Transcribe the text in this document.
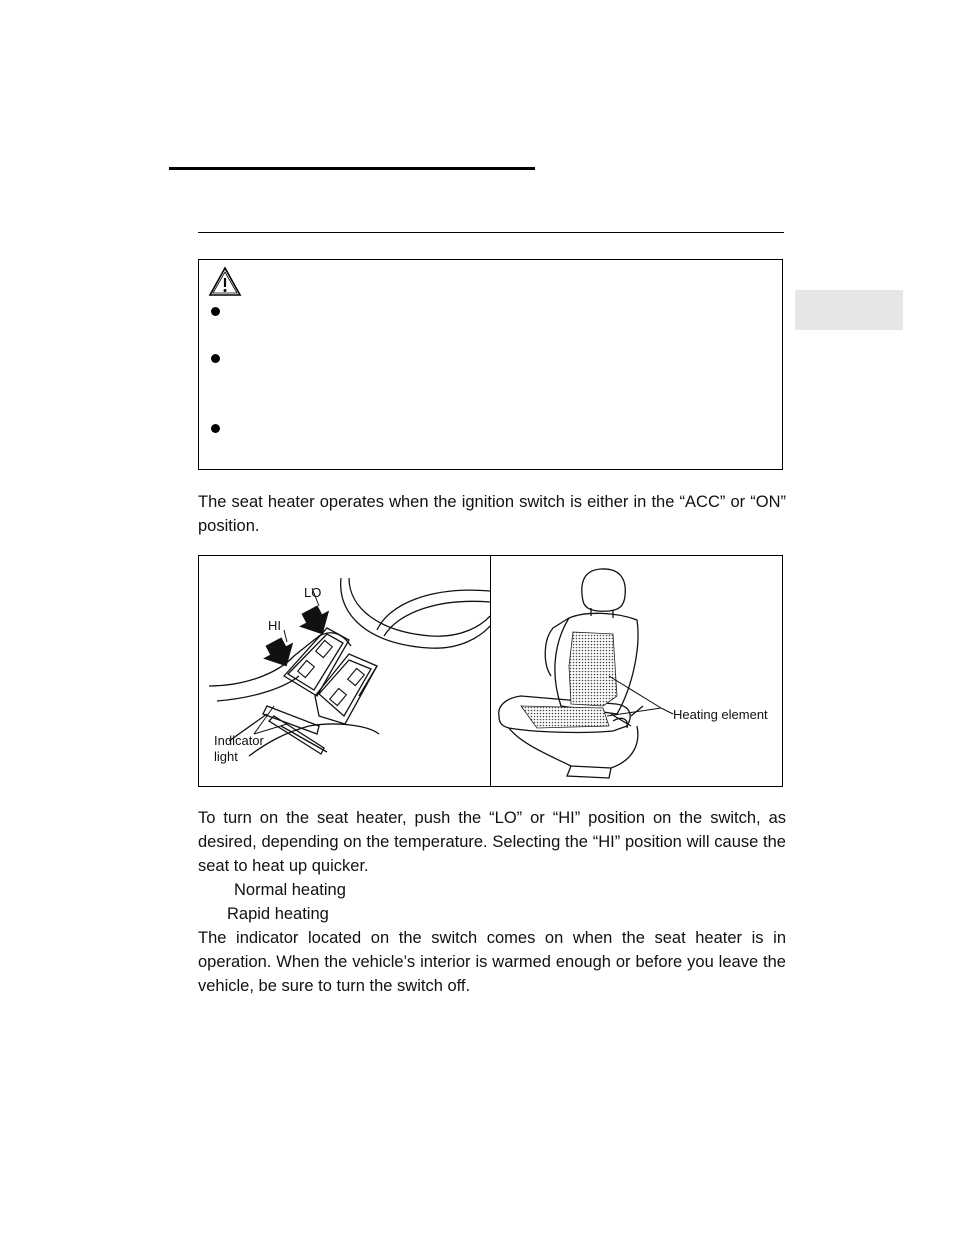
The seat heater operates when the ignition switch is either in the “ACC” or “ON” position.

LO
HI
Indicator
light
Heating element

To turn on the seat heater, push the “LO” or “HI” position on the switch, as desired, depending on the temperature. Selecting the “HI” position will cause the seat to heat up quicker.

Normal heating

Rapid heating

The indicator located on the switch comes on when the seat heater is in operation. When the vehicle’s interior is warmed enough or before you leave the vehicle, be sure to turn the switch off.
